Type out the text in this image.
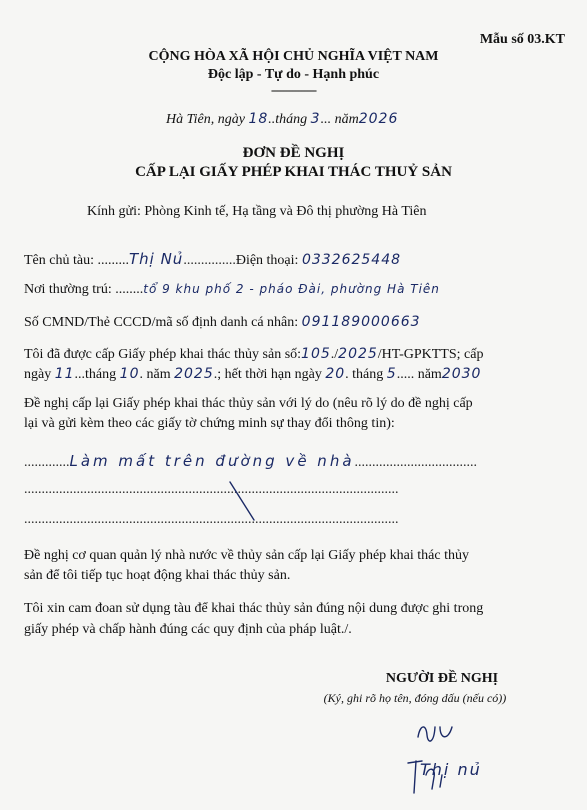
Mẫu số 03.KT
CỘNG HÒA XÃ HỘI CHỦ NGHĨA VIỆT NAM
Độc lập - Tự do - Hạnh phúc
---------------
Hà Tiên, ngày 18..tháng 3... năm2026
ĐƠN ĐỀ NGHỊ
CẤP LẠI GIẤY PHÉP KHAI THÁC THUỶ SẢN
Kính gửi: Phòng Kinh tế, Hạ tầng và Đô thị phường Hà Tiên
Tên chủ tàu: .........Thị Nủ...............Điện thoại: 0332625448
Nơi thường trú: ........tổ 9 khu phố 2 - pháo Đài, phường Hà Tiên
Số CMND/Thẻ CCCD/mã số định danh cá nhân: 091189000663
Tôi đã được cấp Giấy phép khai thác thủy sản số:105./2025/HT-GPKTTS; cấp
ngày 11...tháng 10. năm 2025.; hết thời hạn ngày 20. tháng 5..... năm2030
Đề nghị cấp lại Giấy phép khai thác thủy sản với lý do (nêu rõ lý do đề nghị cấp
lại và gửi kèm theo các giấy tờ chứng minh sự thay đổi thông tin):
.............Làm mất trên đường về nhà...................................
...........................................................................................................
...........................................................................................................
Đề nghị cơ quan quản lý nhà nước về thủy sản cấp lại Giấy phép khai thác thủy
sản để tôi tiếp tục hoạt động khai thác thủy sản.
Tôi xin cam đoan sử dụng tàu để khai thác thủy sản đúng nội dung được ghi trong
giấy phép và chấp hành đúng các quy định của pháp luật./.
NGƯỜI ĐỀ NGHỊ
(Ký, ghi rõ họ tên, đóng dấu (nếu có))
Thị nủ
